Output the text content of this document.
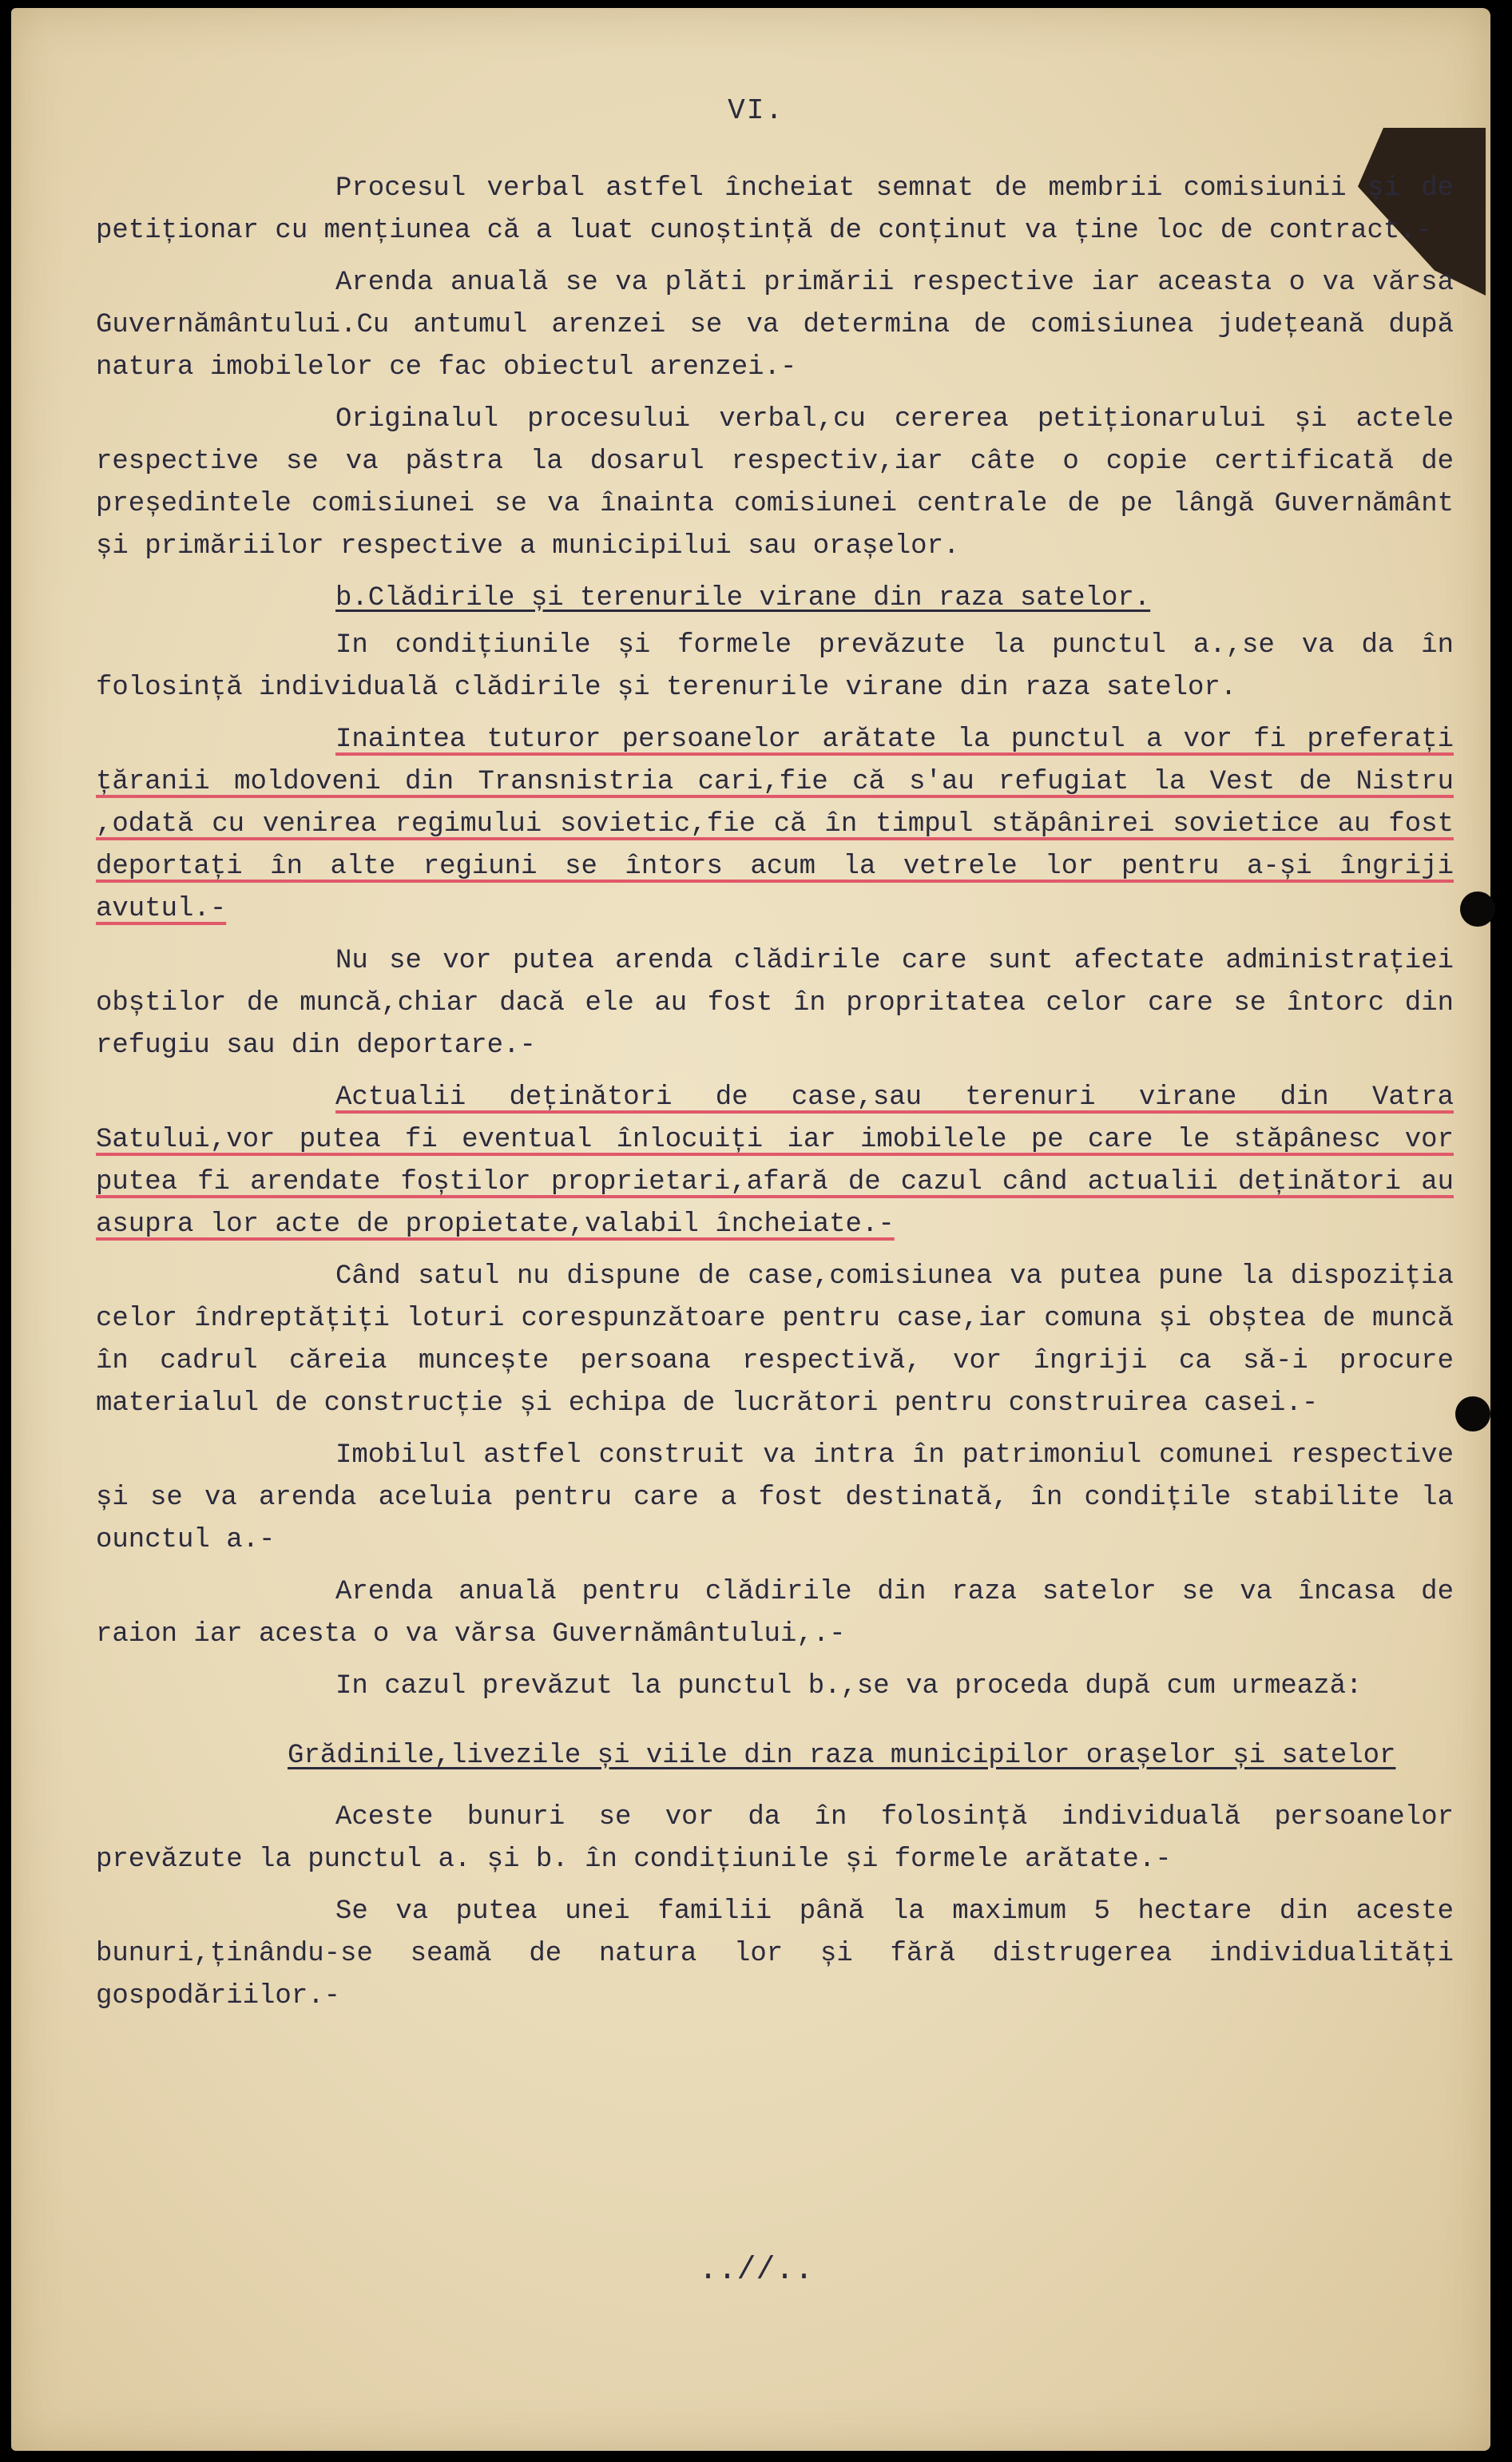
VI.

Procesul verbal astfel încheiat semnat de membrii comisiunii și de petiționar cu mențiunea că a luat cunoștință de conținut va ține loc de contract.-

Arenda anuală se va plăti primării respective iar aceasta o va vărsa Guvernământului.Cu antumul arenzei se va determina de comisiunea județeană după natura imobilelor ce fac obiectul arenzei.-

Originalul procesului verbal,cu cererea petiționarului și actele respective se va păstra la dosarul respectiv,iar câte o copie certificată de președintele comisiunei se va înainta comisiunei centrale de pe lângă Guvernământ și primăriilor respective a municipilui sau orașelor.

b.Clădirile și terenurile virane din raza satelor.

In condițiunile și formele prevăzute la punctul a.,se va da în folosință individuală clădirile și terenurile virane din raza satelor.

Inaintea tuturor persoanelor arătate la punctul a vor fi preferați țăranii moldoveni din Transnistria cari,fie că s'au refugiat la Vest de Nistru ,odată cu venirea regimului sovietic,fie că în timpul stăpânirei sovietice au fost deportați în alte regiuni se întors acum la vetrele lor pentru a-și îngriji avutul.-

Nu se vor putea arenda clădirile care sunt afectate administrației obștilor de muncă,chiar dacă ele au fost în propritatea celor care se întorc din refugiu sau din deportare.-

Actualii deținători de case,sau terenuri virane din Vatra Satului,vor putea fi eventual înlocuiți iar imobilele pe care le stăpânesc vor putea fi arendate foștilor proprietari,afară de cazul când actualii deținători au asupra lor acte de propietate,valabil încheiate.-

Când satul nu dispune de case,comisiunea va putea pune la dispoziția celor îndreptățiți loturi corespunzătoare pentru case,iar comuna și obștea de muncă în cadrul căreia muncește persoana respectivă, vor îngriji ca să-i procure materialul de construcție și echipa de lucrători pentru construirea casei.-

Imobilul astfel construit va intra în patrimoniul comunei respective și se va arenda aceluia pentru care a fost destinată, în condițile stabilite la ounctul a.-

Arenda anuală pentru clădirile din raza satelor se va încasa de raion iar acesta o va vărsa Guvernământului,.-

In cazul prevăzut la punctul b.,se va proceda după cum urmează:

Grădinile,livezile și viile din raza municipilor orașelor și satelor

Aceste bunuri se vor da în folosință individuală persoanelor prevăzute la punctul a. și b. în condițiunile și formele arătate.-

Se va putea unei familii până la maximum 5 hectare din aceste bunuri,ținându-se seamă de natura lor și fără distrugerea individualități gospodăriilor.-

..//..
